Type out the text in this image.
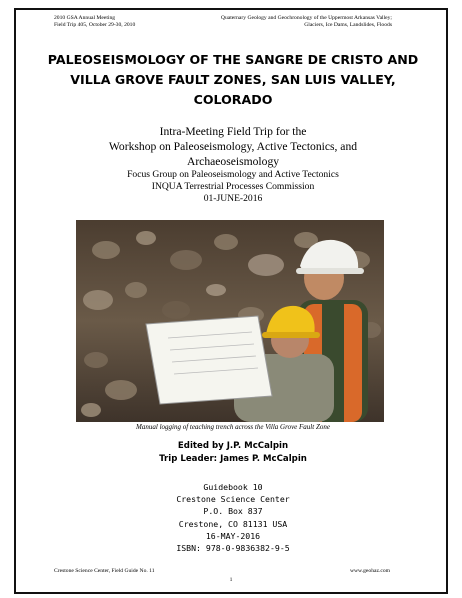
2010 GSA Annual Meeting
Field Trip 405, October 29-30, 2010
Quaternary Geology and Geochronology of the Uppermost Arkansas Valley;
Glaciers, Ice Dams, Landslides, Floods
PALEOSEISMOLOGY OF THE SANGRE DE CRISTO AND
VILLA GROVE FAULT ZONES, SAN LUIS VALLEY,
COLORADO
Intra-Meeting Field Trip for the
Workshop on Paleoseismology, Active Tectonics, and
Archaeoseismology
Focus Group on Paleoseismology and Active Tectonics
INQUA Terrestrial Processes Commission
01-JUNE-2016
Manual logging of teaching trench across the Villa Grove Fault Zone
Edited by J.P. McCalpin
Trip Leader: James P. McCalpin
Guidebook 10
Crestone Science Center
P.O. Box 837
Crestone, CO 81131 USA
16-MAY-2016
ISBN: 978-0-9836382-9-5
Crestone Science Center, Field Guide No. 11	www.geohaz.com
1
